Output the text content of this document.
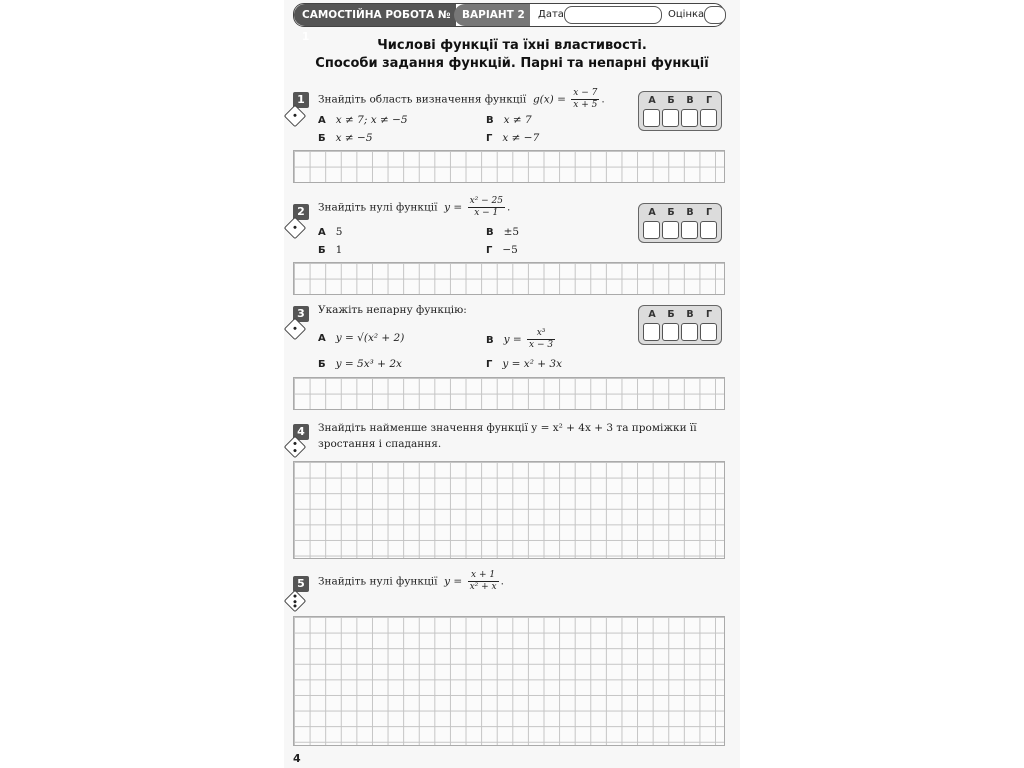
САМОСТІЙНА РОБОТА № 1
ВАРІАНТ 2	Дата	Оцінка
Числові функції та їхні властивості.
Способи задання функцій. Парні та непарні функції
1	Знайдіть область визначення функції $g(x) = \frac{x - 7}{x + 5}$ .
А x ≠ 7; x ≠ −5
Б x ≠ −5
В x ≠ 7
Г x ≠ −7
А	Б	В	Г
2	Знайдіть нулі функції $y = \frac{\text{x² − 25}}{x - 1}$ .
А 5
Б 1
В ±5
Г −5
А	Б	В	Г
3	Укажіть непарну функцію:
А y = √(x² + 2)
Б y = 5x³ + 2x
В $y = \frac{\text{x³}}{x - 3}$
Г y = x² + 3x
А	Б	В	Г
4	Знайдіть найменше значення функції y = x² + 4x + 3 та проміжки її
зростання і спадання.
5	Знайдіть нулі функції $y = \frac{x + 1}{\text{x² + x}}$ .
4
